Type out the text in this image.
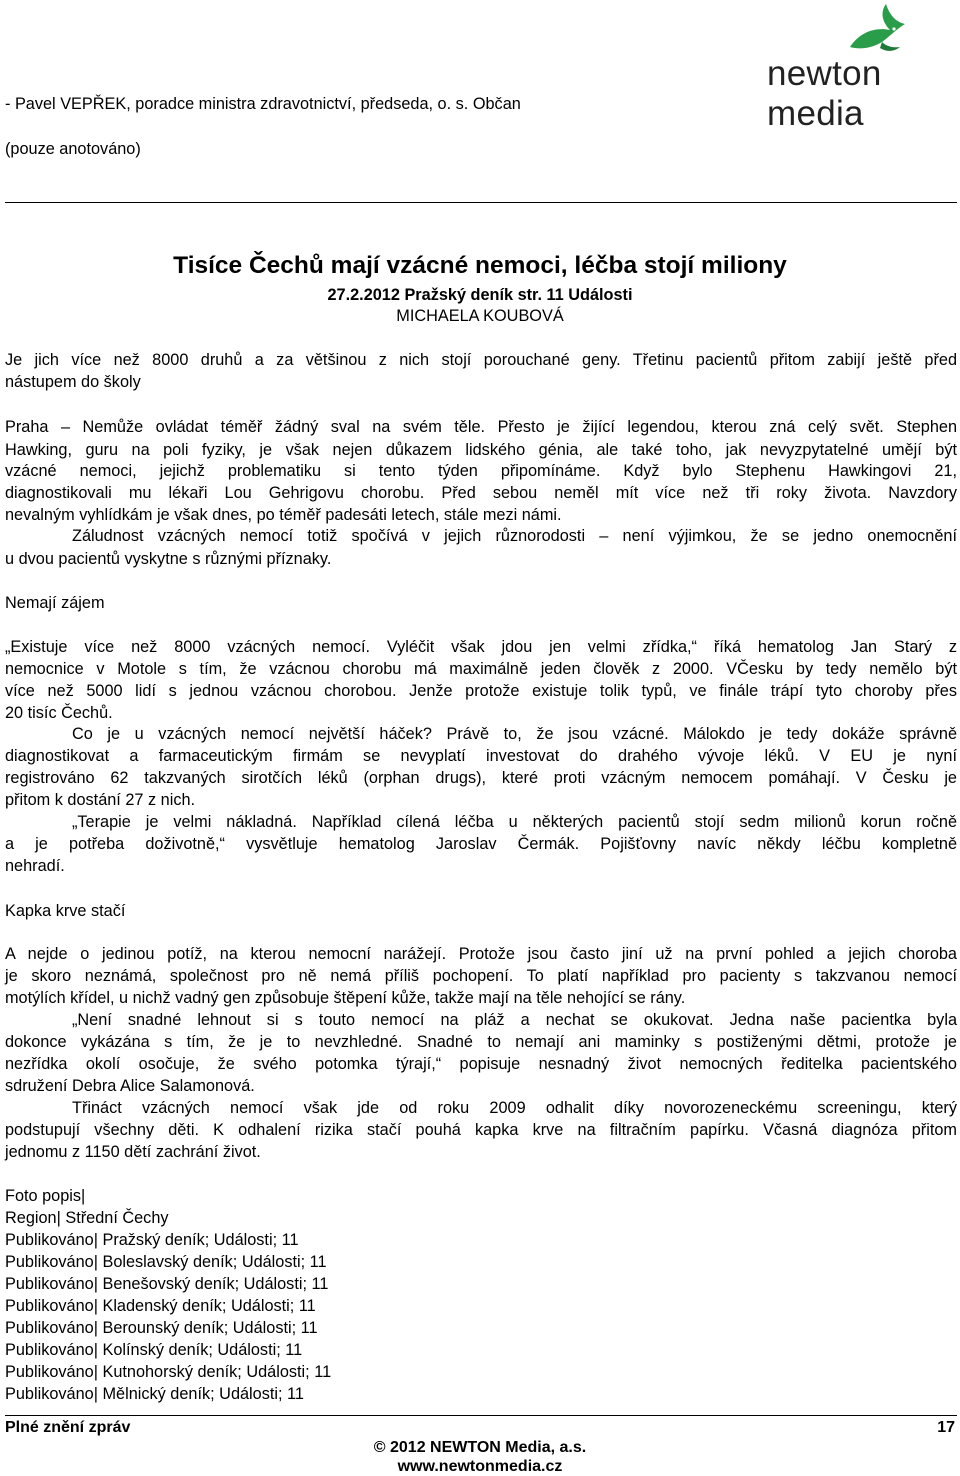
newton media
- Pavel VEPŘEK, poradce ministra zdravotnictví, předseda, o. s. Občan
(pouze anotováno)
Tisíce Čechů mají vzácné nemoci, léčba stojí miliony
27.2.2012 Pražský deník str. 11 Události
MICHAELA KOUBOVÁ
Je jich více než 8000 druhů a za většinou z nich stojí porouchané geny. Třetinu pacientů přitom zabijí ještě před
nástupem do školy
Praha – Nemůže ovládat téměř žádný sval na svém těle. Přesto je žijící legendou, kterou zná celý svět. Stephen
Hawking, guru na poli fyziky, je však nejen důkazem lidského génia, ale také toho, jak nevyzpytatelné umějí být
vzácné nemoci, jejichž problematiku si tento týden připomínáme. Když bylo Stephenu Hawkingovi 21,
diagnostikovali mu lékaři Lou Gehrigovu chorobu. Před sebou neměl mít více než tři roky života. Navzdory
nevalným vyhlídkám je však dnes, po téměř padesáti letech, stále mezi námi.
Záludnost vzácných nemocí totiž spočívá v jejich různorodosti – není výjimkou, že se jedno onemocnění
u dvou pacientů vyskytne s různými příznaky.
Nemají zájem
„Existuje více než 8000 vzácných nemocí. Vyléčit však jdou jen velmi zřídka,“ říká hematolog Jan Starý z
nemocnice v Motole s tím, že vzácnou chorobu má maximálně jeden člověk z 2000. VČesku by tedy nemělo být
více než 5000 lidí s jednou vzácnou chorobou. Jenže protože existuje tolik typů, ve finále trápí tyto choroby přes
20 tisíc Čechů.
Co je u vzácných nemocí největší háček? Právě to, že jsou vzácné. Málokdo je tedy dokáže správně
diagnostikovat a farmaceutickým firmám se nevyplatí investovat do drahého vývoje léků. V EU je nyní
registrováno 62 takzvaných sirotčích léků (orphan drugs), které proti vzácným nemocem pomáhají. V Česku je
přitom k dostání 27 z nich.
„Terapie je velmi nákladná. Například cílená léčba u některých pacientů stojí sedm milionů korun ročně
a je potřeba doživotně,“ vysvětluje hematolog Jaroslav Čermák. Pojišťovny navíc někdy léčbu kompletně
nehradí.
Kapka krve stačí
A nejde o jedinou potíž, na kterou nemocní narážejí. Protože jsou často jiní už na první pohled a jejich choroba
je skoro neznámá, společnost pro ně nemá příliš pochopení. To platí například pro pacienty s takzvanou nemocí
motýlích křídel, u nichž vadný gen způsobuje štěpení kůže, takže mají na těle nehojící se rány.
„Není snadné lehnout si s touto nemocí na pláž a nechat se okukovat. Jedna naše pacientka byla
dokonce vykázána s tím, že je to nevzhledné. Snadné to nemají ani maminky s postiženými dětmi, protože je
nezřídka okolí osočuje, že svého potomka týrají,“ popisuje nesnadný život nemocných ředitelka pacientského
sdružení Debra Alice Salamonová.
Třináct vzácných nemocí však jde od roku 2009 odhalit díky novorozeneckému screeningu, který
podstupují všechny děti. K odhalení rizika stačí pouhá kapka krve na filtračním papírku. Včasná diagnóza přitom
jednomu z 1150 dětí zachrání život.
Foto popis|
Region| Střední Čechy
Publikováno| Pražský deník; Události; 11
Publikováno| Boleslavský deník; Události; 11
Publikováno| Benešovský deník; Události; 11
Publikováno| Kladenský deník; Události; 11
Publikováno| Berounský deník; Události; 11
Publikováno| Kolínský deník; Události; 11
Publikováno| Kutnohorský deník; Události; 11
Publikováno| Mělnický deník; Události; 11
Plné znění zpráv	17
© 2012 NEWTON Media, a.s.
www.newtonmedia.cz
